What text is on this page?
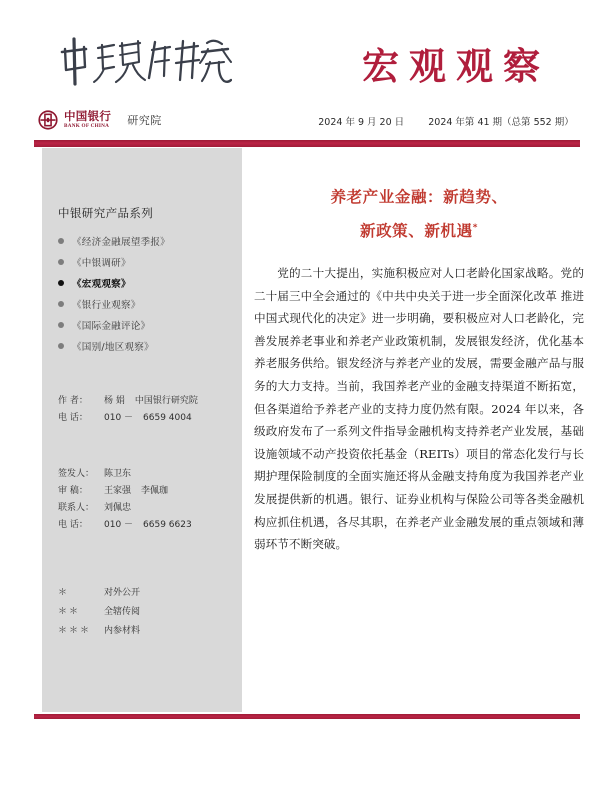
中国银行
BANK OF CHINA 研究院
宏观观察
2024 年 9 月 20 日	2024 年第 41 期（总第 552 期）
中银研究产品系列
《经济金融展望季报》
《中银调研》
《宏观观察》
《银行业观察》
《国际金融评论》
《国别/地区观察》
作 者： 杨 娟 中国银行研究院
电 话： 010 － 6659 4004
签发人： 陈卫东
审 稿： 王家强 李佩珈
联系人： 刘佩忠
电 话： 010 － 6659 6623
＊	对外公开
＊＊	全辖传阅
＊＊＊	内参材料
养老产业金融：新趋势、
新政策、新机遇*
党的二十大提出，实施积极应对人口老龄化国家战略。党的二十届三中全会通过的《中共中央关于进一步全面深化改革 推进中国式现代化的决定》进一步明确，要积极应对人口老龄化，完善发展养老事业和养老产业政策机制，发展银发经济，优化基本养老服务供给。银发经济与养老产业的发展，需要金融产品与服务的大力支持。当前，我国养老产业的金融支持渠道不断拓宽，但各渠道给予养老产业的支持力度仍然有限。2024 年以来，各级政府发布了一系列文件指导金融机构支持养老产业发展，基础设施领域不动产投资依托基金（REITs）项目的常态化发行与长期护理保险制度的全面实施还将从金融支持角度为我国养老产业发展提供新的机遇。银行、证券业机构与保险公司等各类金融机构应抓住机遇，各尽其职，在养老产业金融发展的重点领域和薄弱环节不断突破。
